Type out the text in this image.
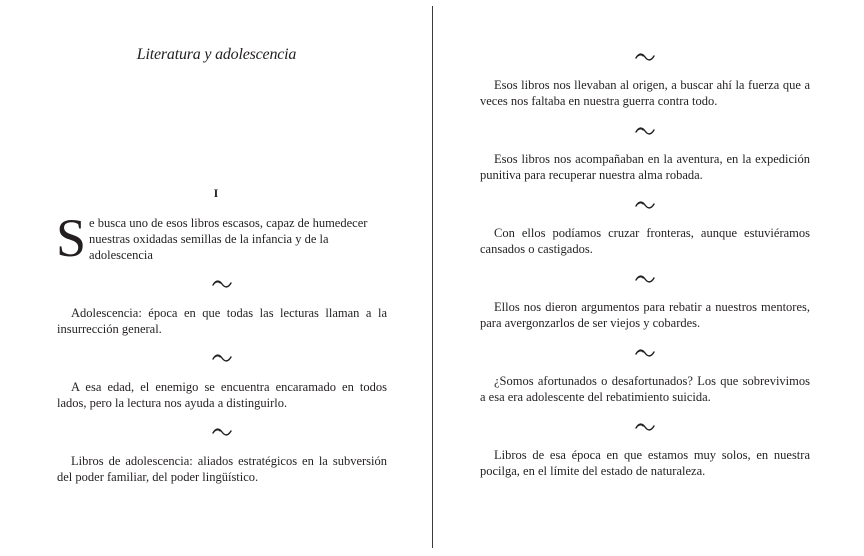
Literatura y adolescencia
I
Se busca uno de esos libros escasos, capaz de humedecer nuestras oxidadas semillas de la infancia y de la adolescencia
Adolescencia: época en que todas las lecturas llaman a la insurrección general.
A esa edad, el enemigo se encuentra encaramado en todos lados, pero la lectura nos ayuda a distinguirlo.
Libros de adolescencia: aliados estratégicos en la subversión del poder familiar, del poder lingüístico.
Esos libros nos llevaban al origen, a buscar ahí la fuerza que a veces nos faltaba en nuestra guerra contra todo.
Esos libros nos acompañaban en la aventura, en la expedición punitiva para recuperar nuestra alma robada.
Con ellos podíamos cruzar fronteras, aunque estuviéramos cansados o castigados.
Ellos nos dieron argumentos para rebatir a nuestros mentores, para avergonzarlos de ser viejos y cobardes.
¿Somos afortunados o desafortunados? Los que sobrevivimos a esa era adolescente del rebatimiento suicida.
Libros de esa época en que estamos muy solos, en nuestra pocilga, en el límite del estado de naturaleza.
